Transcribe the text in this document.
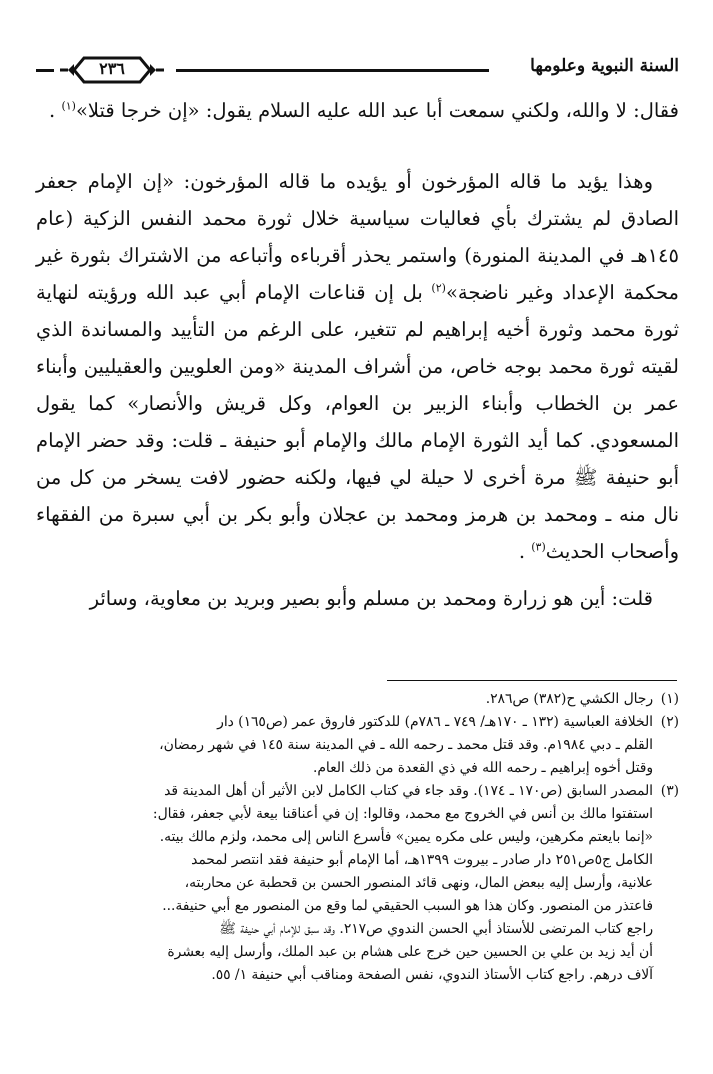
السنة النبوية وعلومها
٢٣٦

فقال: لا والله، ولكني سمعت أبا عبد الله عليه السلام يقول: «إن خرجا قتلا»$^{(١)}$ .

وهذا يؤيد ما قاله المؤرخون أو يؤيده ما قاله المؤرخون: «إن الإمام جعفر الصادق لم يشترك بأي فعاليات سياسية خلال ثورة محمد النفس الزكية (عام ١٤٥هـ في المدينة المنورة) واستمر يحذر أقرباءه وأتباعه من الاشتراك بثورة غير محكمة الإعداد وغير ناضجة»$^{(٢)}$ بل إن قناعات الإمام أبي عبد الله ورؤيته لنهاية ثورة محمد وثورة أخيه إبراهيم لم تتغير، على الرغم من التأييد والمساندة الذي لقيته ثورة محمد بوجه خاص، من أشراف المدينة «ومن العلويين والعقيليين وأبناء عمر بن الخطاب وأبناء الزبير بن العوام، وكل قريش والأنصار» كما يقول المسعودي. كما أيد الثورة الإمام مالك والإمام أبو حنيفة ـ قلت: وقد حضر الإمام أبو حنيفة ﷺ مرة أخرى لا حيلة لي فيها، ولكنه حضور لافت يسخر من كل من نال منه ـ ومحمد بن هرمز ومحمد بن عجلان وأبو بكر بن أبي سبرة من الفقهاء وأصحاب الحديث$^{(٣)}$ .

قلت: أين هو زرارة ومحمد بن مسلم وأبو بصير وبريد بن معاوية، وسائر

(١)رجال الكشي ح(٣٨٢) ص٢٨٦.

(٢)الخلافة العباسية (١٣٢ ـ ١٧٠هـ/ ٧٤٩ ـ ٧٨٦م) للدكتور فاروق عمر (ص١٦٥) دار

القلم ـ دبي ١٩٨٤م. وقد قتل محمد ـ رحمه الله ـ في المدينة سنة ١٤٥ في شهر رمضان،

وقتل أخوه إبراهيم ـ رحمه الله في ذي القعدة من ذلك العام.

(٣)المصدر السابق (ص١٧٠ ـ ١٧٤). وقد جاء في كتاب الكامل لابن الأثير أن أهل المدينة قد

استفتوا مالك بن أنس في الخروج مع محمد، وقالوا: إن في أعناقنا بيعة لأبي جعفر، فقال:

«إنما بايعتم مكرهين، وليس على مكره يمين» فأسرع الناس إلى محمد، ولزم مالك بيته.

الكامل ج٥ص٢٥١ دار صادر ـ بيروت ١٣٩٩هـ، أما الإمام أبو حنيفة فقد انتصر لمحمد

علانية، وأرسل إليه ببعض المال، ونهى قائد المنصور الحسن بن قحطبة عن محاربته،

فاعتذر من المنصور. وكان هذا هو السبب الحقيقي لما وقع من المنصور مع أبي حنيفة...

راجع كتاب المرتضى للأستاذ أبي الحسن الندوي ص٢١٧. وقد سبق للإمام أبي حنيفة ﷺ

أن أيد زيد بن علي بن الحسين حين خرج على هشام بن عبد الملك، وأرسل إليه بعشرة

آلاف درهم. راجع كتاب الأستاذ الندوي، نفس الصفحة ومناقب أبي حنيفة ١/ ٥٥.
